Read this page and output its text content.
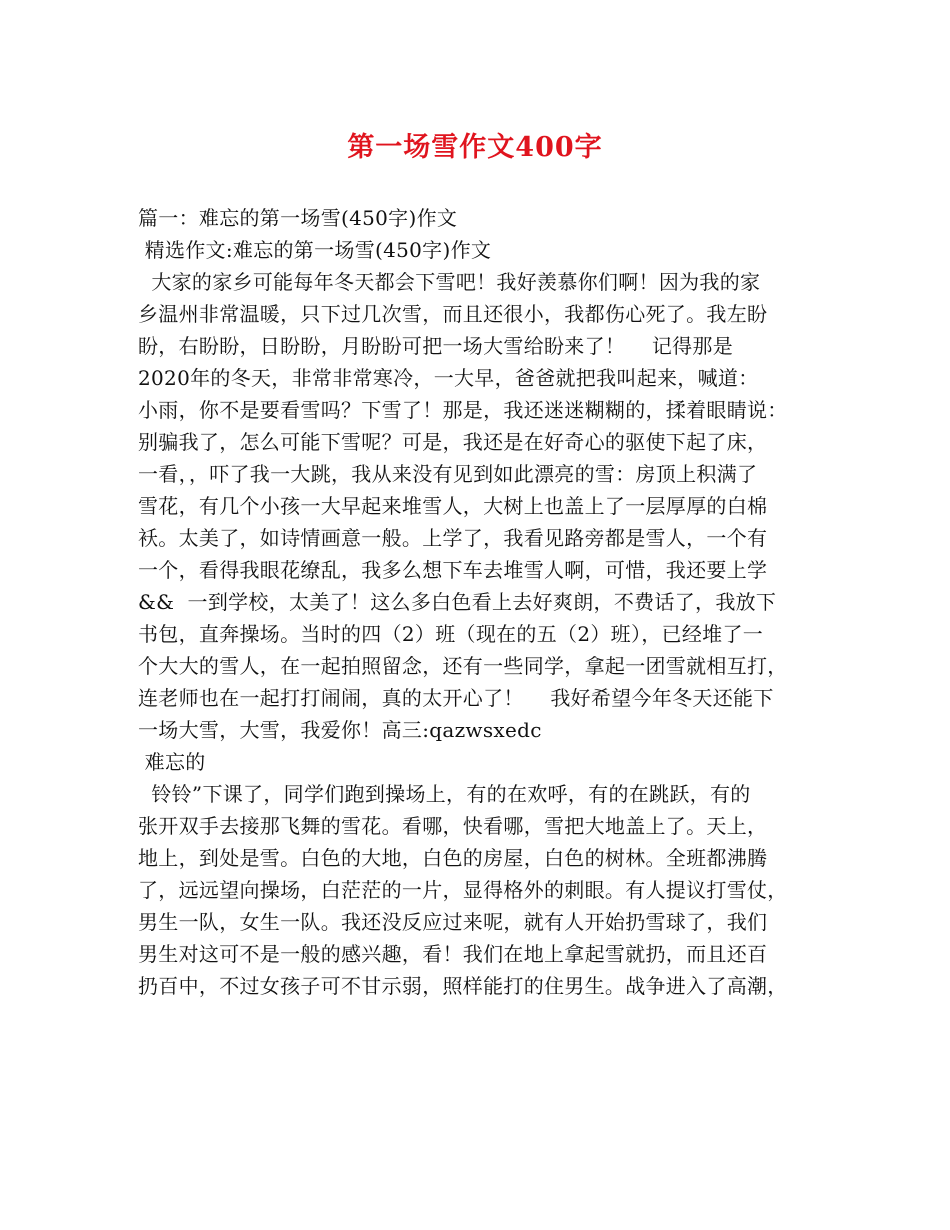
第一场雪作文400字
篇一：难忘的第一场雪(450字)作文
精选作文:难忘的第一场雪(450字)作文
大家的家乡可能每年冬天都会下雪吧！我好羡慕你们啊！因为我的家
乡温州非常温暖，只下过几次雪，而且还很小，我都伤心死了。我左盼
盼，右盼盼，日盼盼，月盼盼可把一场大雪给盼来了！    记得那是
2020年的冬天，非常非常寒冷，一大早，爸爸就把我叫起来，喊道：
小雨，你不是要看雪吗？下雪了！那是，我还迷迷糊糊的，揉着眼睛说：
别骗我了，怎么可能下雪呢？可是，我还是在好奇心的驱使下起了床，
一看，，吓了我一大跳，我从来没有见到如此漂亮的雪：房顶上积满了
雪花，有几个小孩一大早起来堆雪人，大树上也盖上了一层厚厚的白棉
袄。太美了，如诗情画意一般。上学了，我看见路旁都是雪人，一个有
一个，看得我眼花缭乱，我多么想下车去堆雪人啊，可惜，我还要上学
&&  一到学校，太美了！这么多白色看上去好爽朗，不费话了，我放下
书包，直奔操场。当时的四（2）班（现在的五（2）班），已经堆了一
个大大的雪人，在一起拍照留念，还有一些同学，拿起一团雪就相互打，
连老师也在一起打打闹闹，真的太开心了！    我好希望今年冬天还能下
一场大雪，大雪，我爱你！高三:qazwsxedc
难忘的
铃铃”下课了，同学们跑到操场上，有的在欢呼，有的在跳跃，有的
张开双手去接那飞舞的雪花。看哪，快看哪，雪把大地盖上了。天上，
地上，到处是雪。白色的大地，白色的房屋，白色的树林。全班都沸腾
了，远远望向操场，白茫茫的一片，显得格外的刺眼。有人提议打雪仗，
男生一队，女生一队。我还没反应过来呢，就有人开始扔雪球了，我们
男生对这可不是一般的感兴趣，看！我们在地上拿起雪就扔，而且还百
扔百中，不过女孩子可不甘示弱，照样能打的住男生。战争进入了高潮，
